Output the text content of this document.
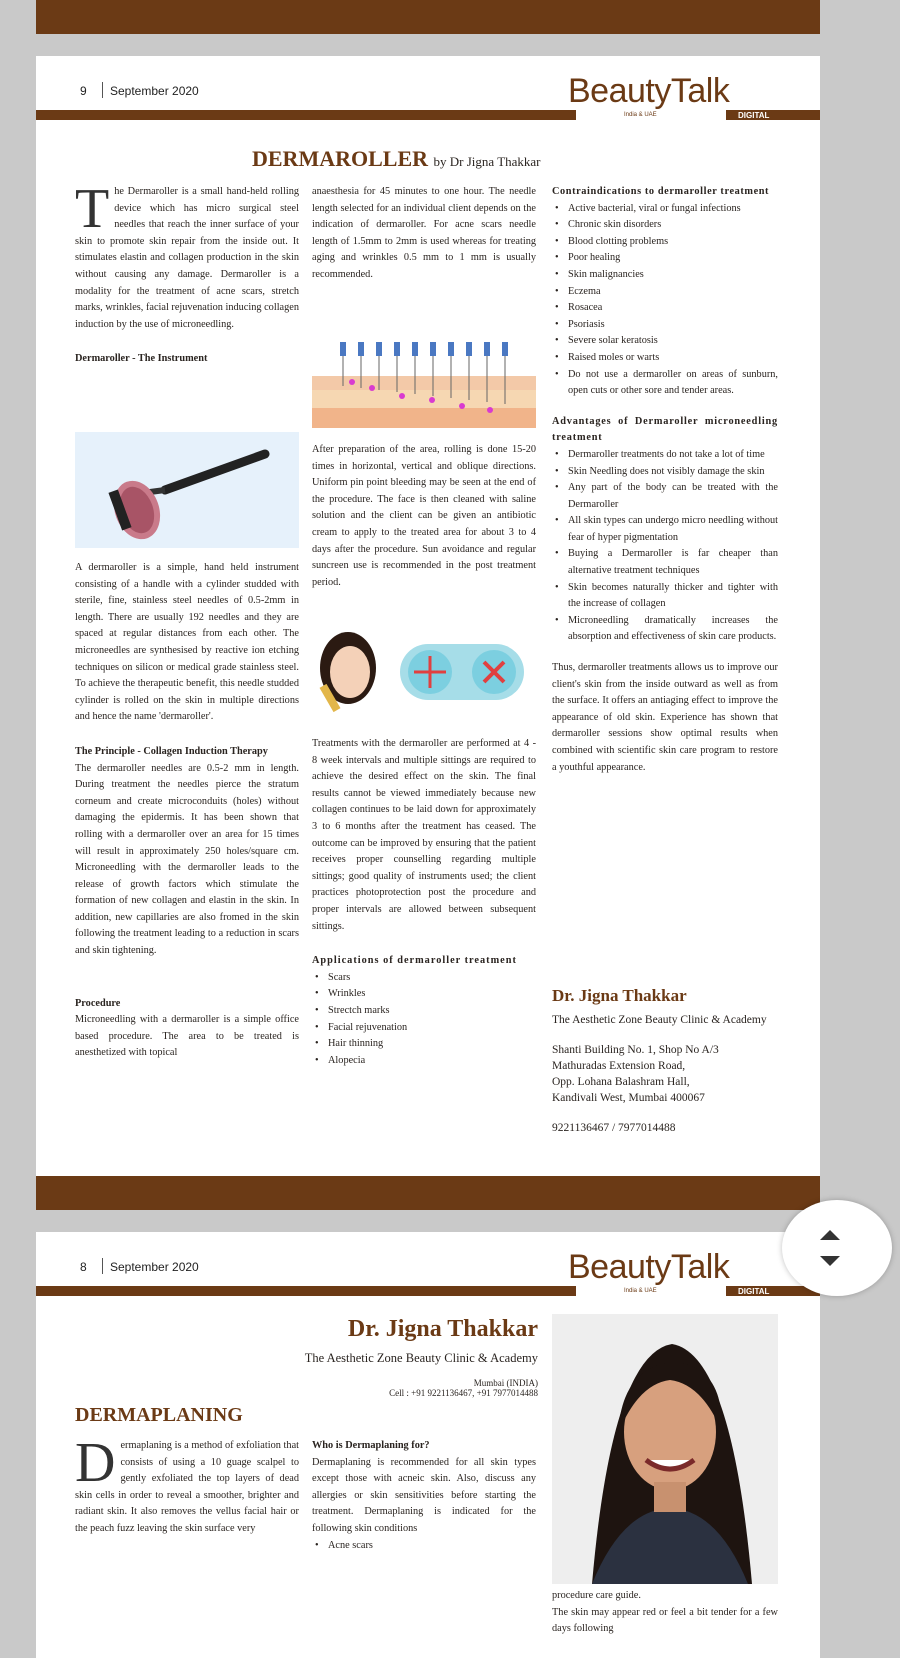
9 September 2020	BeautyTalk
India & UAE	DIGITAL
DERMAROLLER by Dr Jigna Thakkar

The Dermaroller is a small hand-held rolling device which has micro surgical steel needles that reach the inner surface of your skin to promote skin repair from the inside out. It stimulates elastin and collagen production in the skin without causing any damage. Dermaroller is a modality for the treatment of acne scars, stretch marks, wrinkles, facial rejuvenation inducing collagen induction by the use of microneedling.

Dermaroller - The Instrument

A dermaroller is a simple, hand held instrument consisting of a handle with a cylinder studded with sterile, fine, stainless steel needles of 0.5-2mm in length. There are usually 192 needles and they are spaced at regular distances from each other. The microneedles are synthesised by reactive ion etching techniques on silicon or medical grade stainless steel. To achieve the therapeutic benefit, this needle studded cylinder is rolled on the skin in multiple directions and hence the name 'dermaroller'.

The Principle - Collagen Induction Therapy

The dermaroller needles are 0.5-2 mm in length. During treatment the needles pierce the stratum corneum and create microconduits (holes) without damaging the epidermis. It has been shown that rolling with a dermaroller over an area for 15 times will result in approximately 250 holes/square cm. Microneedling with the dermaroller leads to the release of growth factors which stimulate the formation of new collagen and elastin in the skin. In addition, new capillaries are also fromed in the skin following the treatment leading to a reduction in scars and skin tightening.

Procedure

Microneedling with a dermaroller is a simple office based procedure. The area to be treated is anesthetized with topical

anaesthesia for 45 minutes to one hour. The needle length selected for an individual client depends on the indication of dermaroller. For acne scars needle length of 1.5mm to 2mm is used whereas for treating aging and wrinkles 0.5 mm to 1 mm is usually recommended.

After preparation of the area, rolling is done 15-20 times in horizontal, vertical and oblique directions. Uniform pin point bleeding may be seen at the end of the procedure. The face is then cleaned with saline solution and the client can be given an antibiotic cream to apply to the treated area for about 3 to 4 days after the procedure. Sun avoidance and regular suncreen use is recommended in the post treatment period.

Treatments with the dermaroller are performed at 4 - 8 week intervals and multiple sittings are required to achieve the desired effect on the skin. The final results cannot be viewed immediately because new collagen continues to be laid down for approximately 3 to 6 months after the treatment has ceased. The outcome can be improved by ensuring that the patient receives proper counselling regarding multiple sittings; good quality of instruments used; the client practices photoprotection post the procedure and proper intervals are allowed between subsequent sittings.

Applications of dermaroller treatment

• Scars
• Wrinkles
• Strectch marks
• Facial rejuvenation
• Hair thinning
• Alopecia

Contraindications to dermaroller treatment

• Active bacterial, viral or fungal infections
• Chronic skin disorders
• Blood clotting problems
• Poor healing
• Skin malignancies
• Eczema
• Rosacea
• Psoriasis
• Severe solar keratosis
• Raised moles or warts
• Do not use a dermaroller on areas of sunburn, open cuts or other sore and tender areas.

Advantages of Dermaroller microneedling treatment

• Dermaroller treatments do not take a lot of time
• Skin Needling does not visibly damage the skin
• Any part of the body can be treated with the Dermaroller
• All skin types can undergo micro needling without fear of hyper pigmentation
• Buying a Dermaroller is far cheaper than alternative treatment techniques
• Skin becomes naturally thicker and tighter with the increase of collagen
• Microneedling dramatically increases the absorption and effectiveness of skin care products.

Thus, dermaroller treatments allows us to improve our client's skin from the inside outward as well as from the surface. It offers an antiaging effect to improve the appearance of old skin. Experience has shown that dermaroller sessions show optimal results when combined with scientific skin care program to restore a youthful appearance.

Dr. Jigna Thakkar

The Aesthetic Zone Beauty Clinic & Academy

Shanti Building No. 1, Shop No A/3

Mathuradas Extension Road,

Opp. Lohana Balashram Hall,

Kandivali West, Mumbai 400067

9221136467 / 7977014488

8 September 2020	BeautyTalk
India & UAE	DIGITAL

Dr. Jigna Thakkar

The Aesthetic Zone Beauty Clinic & Academy

Mumbai (INDIA)

Cell : +91 9221136467, +91 7977014488

DERMAPLANING

Dermaplaning is a method of exfoliation that consists of using a 10 guage scalpel to gently exfoliated the top layers of dead skin cells in order to reveal a smoother, brighter and radiant skin. It also removes the vellus facial hair or the peach fuzz leaving the skin surface very

Who is Dermaplaning for?

Dermaplaning is recommended for all skin types except those with acneic skin. Also, discuss any allergies or skin sensitivities before starting the treatment. Dermaplaning is indicated for the following skin conditions

• Acne scars

procedure care guide.

The skin may appear red or feel a bit tender for a few days following
